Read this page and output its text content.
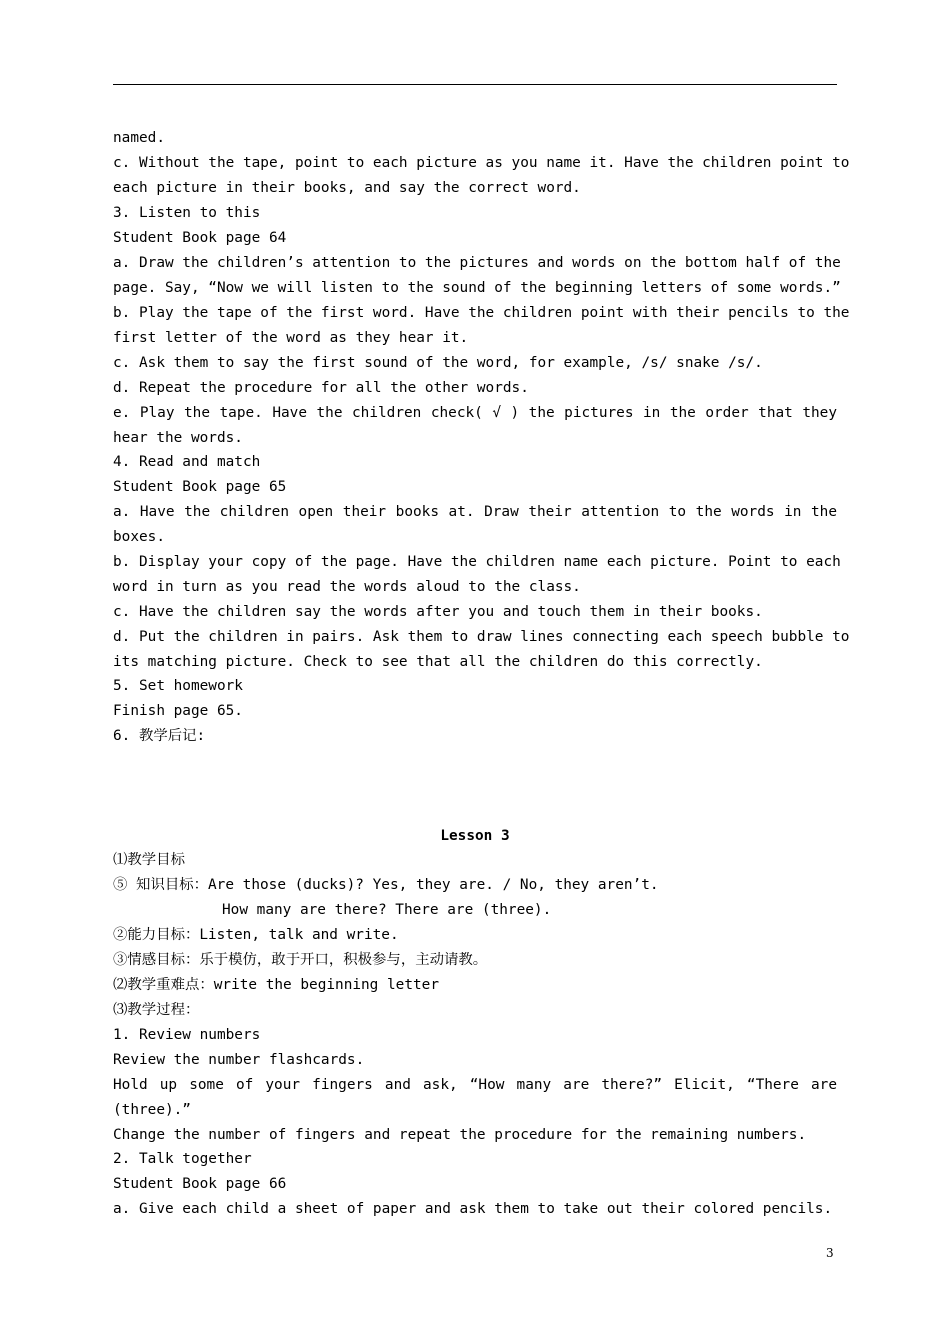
named.
c. Without the tape, point to each picture as you name it. Have the children point to
each picture in their books, and say the correct word.
3. Listen to this
Student Book page 64
a. Draw the children’s attention to the pictures and words on the bottom half of the
page. Say, “Now we will listen to the sound of the beginning letters of some words.”
b. Play the tape of the first word. Have the children point with their pencils to the
first letter of the word as they hear it.
c. Ask them to say the first sound of the word, for example, /s/ snake /s/.
d. Repeat the procedure for all the other words.
e. Play the tape. Have the children check( √ ) the pictures in the order that they
hear the words.
4. Read and match
Student Book page 65
a. Have the children open their books at. Draw their attention to the words in the
boxes.
b. Display your copy of the page. Have the children name each picture. Point to each
word in turn as you read the words aloud to the class.
c. Have the children say the words after you and touch them in their books.
d. Put the children in pairs. Ask them to draw lines connecting each speech bubble to
its matching picture. Check to see that all the children do this correctly.
5. Set homework
Finish page 65.
6. 教学后记:
Lesson 3
⑴教学目标
⑤ 知识目标：Are those (ducks)? Yes, they are. / No, they aren’t.
How many are there? There are (three).
②能力目标：Listen, talk and write.
③情感目标：乐于模仿，敢于开口，积极参与，主动请教。
⑵教学重难点：write the beginning letter
⑶教学过程：
1. Review numbers
Review the number flashcards.
Hold up some of your fingers and ask, “How many are there?” Elicit, “There are
(three).”
Change the number of fingers and repeat the procedure for the remaining numbers.
2. Talk together
Student Book page 66
a. Give each child a sheet of paper and ask them to take out their colored pencils.
3
